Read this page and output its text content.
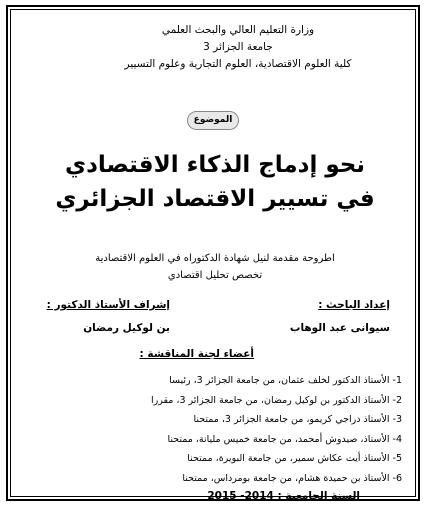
وزارة التعليم العالي والبحث العلمي
جامعة الجزائر 3
كلية العلوم الاقتصادية، العلوم التجارية وعلوم التسيير
الموضوع
نحو إدماج الذكاء الاقتصادي
في تسيير الاقتصاد الجزائري
اطروحة مقدمة لنيل شهادة الدكتوراه في العلوم الاقتصادية
تخصص تحليل اقتصادي
إعداد الباحث :
سيوانى عبد الوهاب
إشراف الأستاذ الدكتور :
بن لوكيل رمضان
أعضاء لجنة المناقشة :
1- الأستاذ الدكتور لخلف عثمان، من جامعة الجزائر 3، رئيسا
2- الأستاذ الدكتور بن لوكيل رمضان، من جامعة الجزائر 3، مقررا
3- الأستاذ دراجي كريمو، من جامعة الجزائر 3، ممتحنا
4- الأستاذ، صيدوش أمحمد، من جامعة خميس مليانة، ممتحنا
5- الأستاذ أيت عكاش سمير، من جامعة البويرة، ممتحنا
6- الأستاذ بن حميدة هشام، من جامعة بومرداس، ممتحنا
السنة الجامعية : 2014- 2015
